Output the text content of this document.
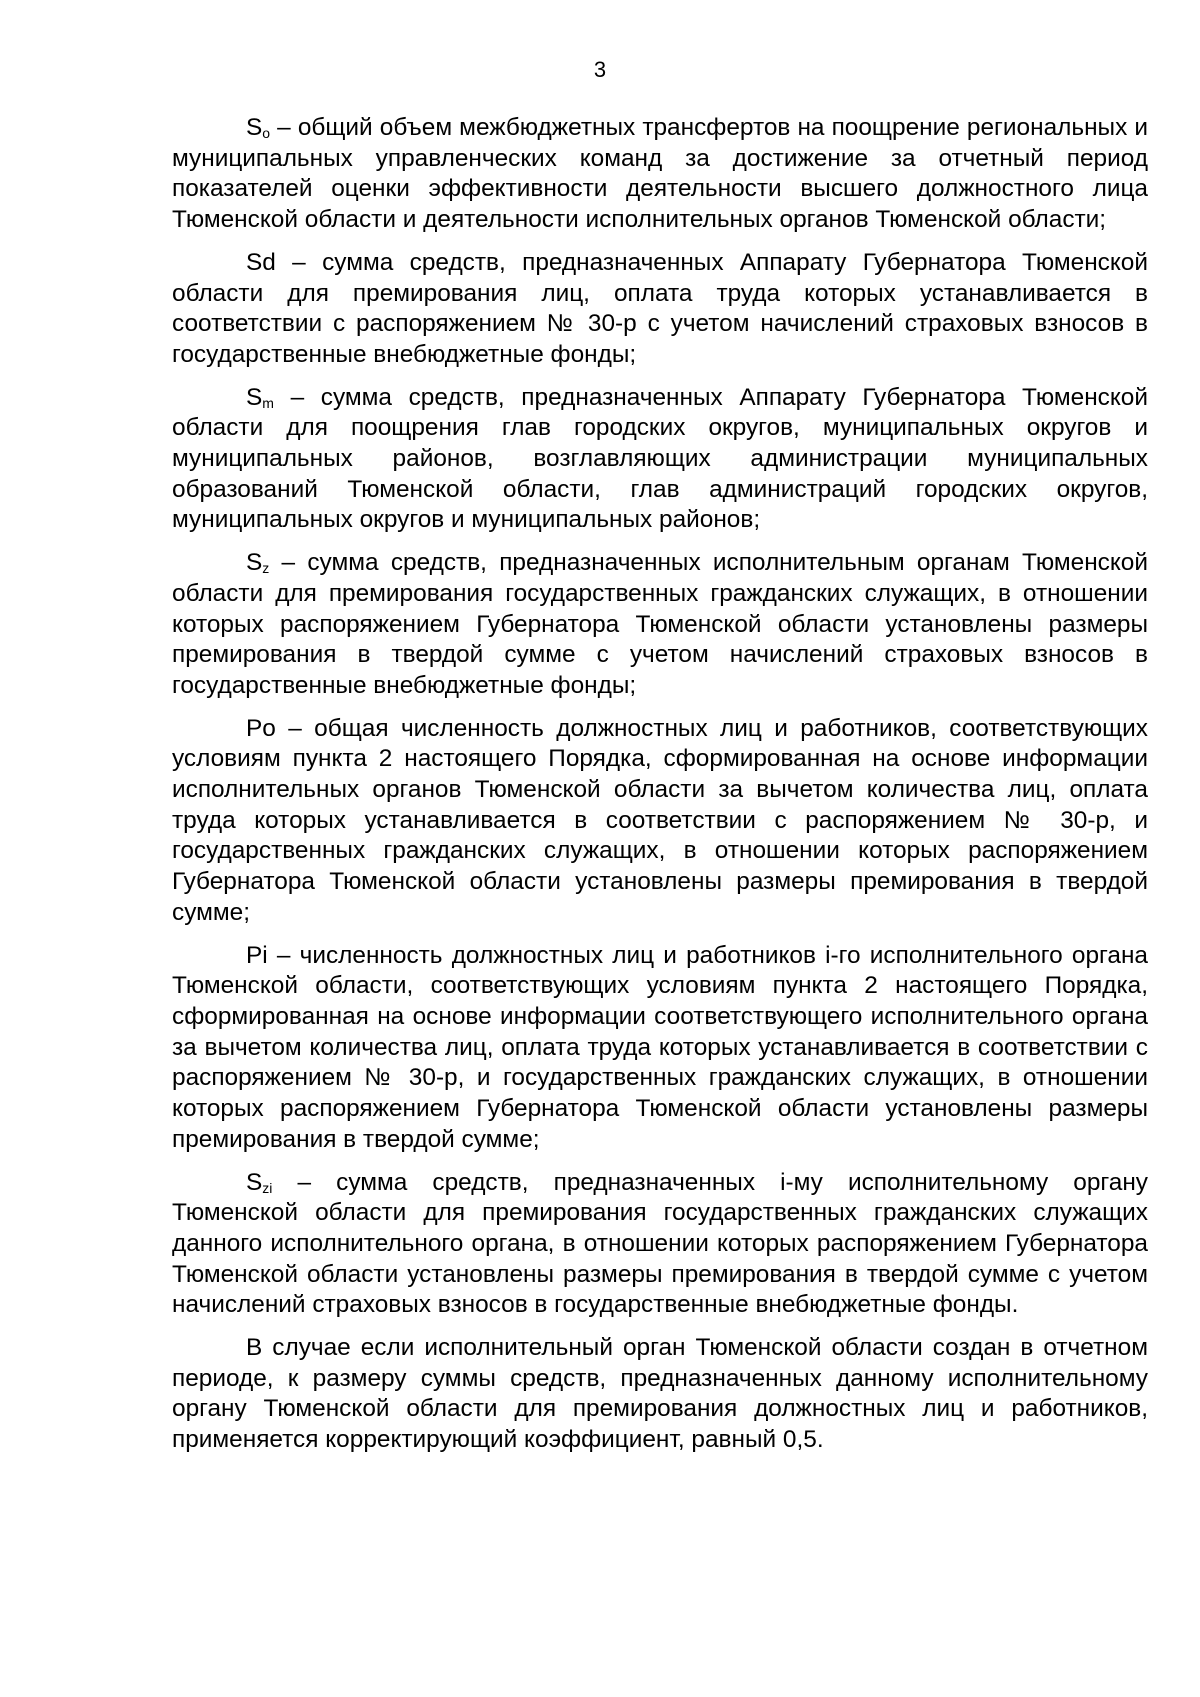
3

$S_o$ – общий объем межбюджетных трансфертов на поощрение региональных и муниципальных управленческих команд за достижение за отчетный период показателей оценки эффективности деятельности высшего должностного лица Тюменской области и деятельности исполнительных органов Тюменской области;

Sd – сумма средств, предназначенных Аппарату Губернатора Тюменской области для премирования лиц, оплата труда которых устанавливается в соответствии с распоряжением № 30-р с учетом начислений страховых взносов в государственные внебюджетные фонды;

$S_m$ – сумма средств, предназначенных Аппарату Губернатора Тюменской области для поощрения глав городских округов, муниципальных округов и муниципальных районов, возглавляющих администрации муниципальных образований Тюменской области, глав администраций городских округов, муниципальных округов и муниципальных районов;

$S_z$ – сумма средств, предназначенных исполнительным органам Тюменской области для премирования государственных гражданских служащих, в отношении которых распоряжением Губернатора Тюменской области установлены размеры премирования в твердой сумме с учетом начислений страховых взносов в государственные внебюджетные фонды;

Po – общая численность должностных лиц и работников, соответствующих условиям пункта 2 настоящего Порядка, сформированная на основе информации исполнительных органов Тюменской области за вычетом количества лиц, оплата труда которых устанавливается в соответствии с распоряжением № 30-р, и государственных гражданских служащих, в отношении которых распоряжением Губернатора Тюменской области установлены размеры премирования в твердой сумме;

Pi – численность должностных лиц и работников i-го исполнительного органа Тюменской области, соответствующих условиям пункта 2 настоящего Порядка, сформированная на основе информации соответствующего исполнительного органа за вычетом количества лиц, оплата труда которых устанавливается в соответствии с распоряжением № 30-р, и государственных гражданских служащих, в отношении которых распоряжением Губернатора Тюменской области установлены размеры премирования в твердой сумме;

$S_{zi}$ – сумма средств, предназначенных i-му исполнительному органу Тюменской области для премирования государственных гражданских служащих данного исполнительного органа, в отношении которых распоряжением Губернатора Тюменской области установлены размеры премирования в твердой сумме с учетом начислений страховых взносов в государственные внебюджетные фонды.

В случае если исполнительный орган Тюменской области создан в отчетном периоде, к размеру суммы средств, предназначенных данному исполнительному органу Тюменской области для премирования должностных лиц и работников, применяется корректирующий коэффициент, равный 0,5.
